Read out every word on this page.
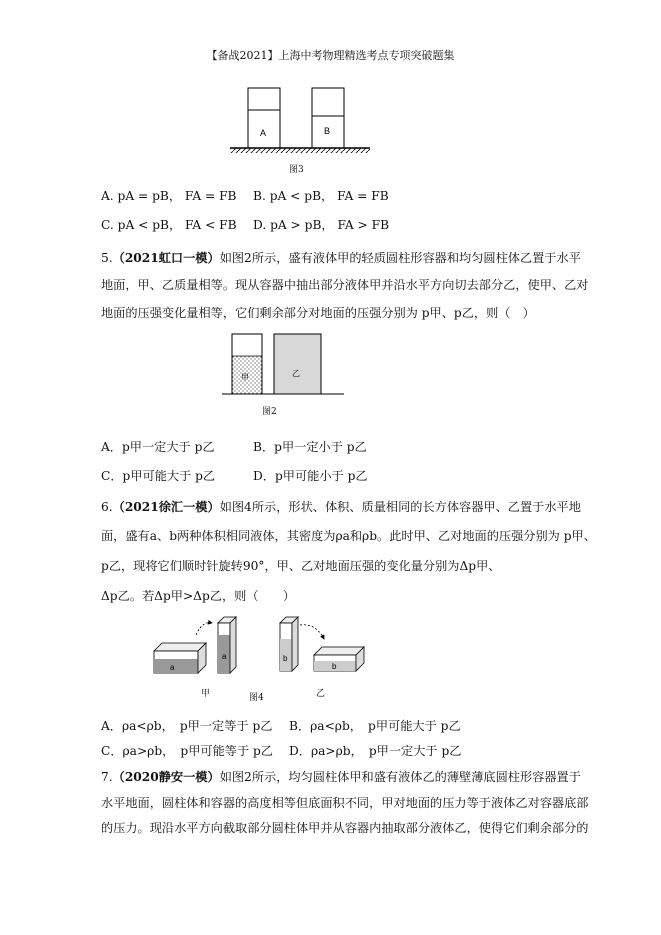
【备战2021】上海中考物理精选考点专项突破题集
A	B
图3
A. pA = pB， FA = FB B. pA < pB， FA = FB
C. pA < pB， FA < FB D. pA > pB， FA > FB
5.（2021虹口一模）如图2所示，盛有液体甲的轻质圆柱形容器和均匀圆柱体乙置于水平
地面，甲、乙质量相等。现从容器中抽出部分液体甲并沿水平方向切去部分乙，使甲、乙对
地面的压强变化量相等，它们剩余部分对地面的压强分别为 p甲、p乙，则（　）
甲	乙
图2
A．p甲一定大于 p乙	B．p甲一定小于 p乙
C．p甲可能大于 p乙	D．p甲可能小于 p乙
6.（2021徐汇一模）如图4所示，形状、体积、质量相同的长方体容器甲、乙置于水平地
面，盛有a、b两种体积相同液体，其密度为ρa和ρb。此时甲、乙对地面的压强分别为 p甲、
p乙，现将它们顺时针旋转90°，甲、乙对地面压强的变化量分别为Δp甲、
Δp乙。若Δp甲>Δp乙，则（　　）
a
a	b
b
甲	图4	乙
A．ρa<ρb，　p甲一定等于 p乙 B．ρa<ρb，　p甲可能大于 p乙
C．ρa>ρb，　p甲可能等于 p乙 D．ρa>ρb，　p甲一定大于 p乙
7.（2020静安一模）如图2所示，均匀圆柱体甲和盛有液体乙的薄壁薄底圆柱形容器置于
水平地面，圆柱体和容器的高度相等但底面积不同，甲对地面的压力等于液体乙对容器底部
的压力。现沿水平方向截取部分圆柱体甲并从容器内抽取部分液体乙，使得它们剩余部分的
